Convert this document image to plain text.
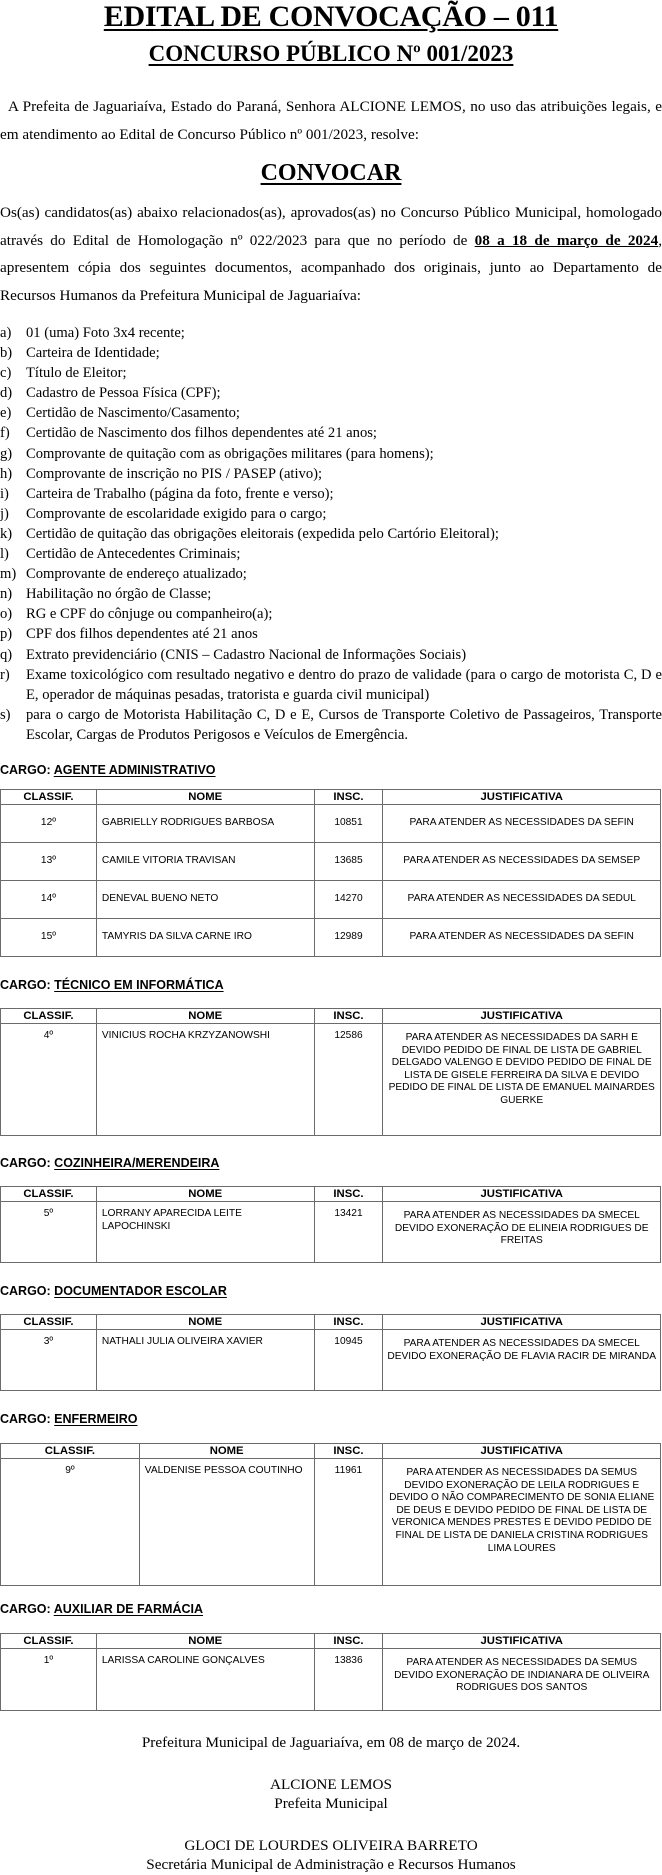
EDITAL DE CONVOCAÇÃO – 011
CONCURSO PÚBLICO Nº 001/2023
A Prefeita de Jaguariaíva, Estado do Paraná, Senhora ALCIONE LEMOS, no uso das atribuições legais, e em atendimento ao Edital de Concurso Público nº 001/2023, resolve:
CONVOCAR
Os(as) candidatos(as) abaixo relacionados(as), aprovados(as) no Concurso Público Municipal, homologado através do Edital de Homologação nº 022/2023 para que no período de 08 a 18 de março de 2024, apresentem cópia dos seguintes documentos, acompanhado dos originais, junto ao Departamento de Recursos Humanos da Prefeitura Municipal de Jaguariaíva:
a) 01 (uma) Foto 3x4 recente;
b) Carteira de Identidade;
c) Título de Eleitor;
d) Cadastro de Pessoa Física (CPF);
e) Certidão de Nascimento/Casamento;
f) Certidão de Nascimento dos filhos dependentes até 21 anos;
g) Comprovante de quitação com as obrigações militares (para homens);
h) Comprovante de inscrição no PIS / PASEP (ativo);
i) Carteira de Trabalho (página da foto, frente e verso);
j) Comprovante de escolaridade exigido para o cargo;
k) Certidão de quitação das obrigações eleitorais (expedida pelo Cartório Eleitoral);
l) Certidão de Antecedentes Criminais;
m) Comprovante de endereço atualizado;
n) Habilitação no órgão de Classe;
o) RG e CPF do cônjuge ou companheiro(a);
p) CPF dos filhos dependentes até 21 anos
q) Extrato previdenciário (CNIS – Cadastro Nacional de Informações Sociais)
r) Exame toxicológico com resultado negativo e dentro do prazo de validade (para o cargo de motorista C, D e E, operador de máquinas pesadas, tratorista e guarda civil municipal)
s) para o cargo de Motorista Habilitação C, D e E, Cursos de Transporte Coletivo de Passageiros, Transporte Escolar, Cargas de Produtos Perigosos e Veículos de Emergência.
CARGO: AGENTE ADMINISTRATIVO
CLASSIF.	NOME	INSC.	JUSTIFICATIVA
12º	GABRIELLY RODRIGUES BARBOSA	10851	PARA ATENDER AS NECESSIDADES DA SEFIN
13º	CAMILE VITORIA TRAVISAN	13685	PARA ATENDER AS NECESSIDADES DA SEMSEP
14º	DENEVAL BUENO NETO	14270	PARA ATENDER AS NECESSIDADES DA SEDUL
15º	TAMYRIS DA SILVA CARNE IRO	12989	PARA ATENDER AS NECESSIDADES DA SEFIN
CARGO: TÉCNICO EM INFORMÁTICA
CLASSIF.	NOME	INSC.	JUSTIFICATIVA
4º	VINICIUS ROCHA KRZYZANOWSHI	12586	PARA ATENDER AS NECESSIDADES DA SARH E DEVIDO PEDIDO DE FINAL DE LISTA DE GABRIEL DELGADO VALENGO E DEVIDO PEDIDO DE FINAL DE LISTA DE GISELE FERREIRA DA SILVA E DEVIDO PEDIDO DE FINAL DE LISTA DE EMANUEL MAINARDES GUERKE
CARGO: COZINHEIRA/MERENDEIRA
CLASSIF.	NOME	INSC.	JUSTIFICATIVA
5º	LORRANY APARECIDA LEITE LAPOCHINSKI	13421	PARA ATENDER AS NECESSIDADES DA SMECEL DEVIDO EXONERAÇÃO DE ELINEIA RODRIGUES DE FREITAS
CARGO: DOCUMENTADOR ESCOLAR
CLASSIF.	NOME	INSC.	JUSTIFICATIVA
3º	NATHALI JULIA OLIVEIRA XAVIER	10945	PARA ATENDER AS NECESSIDADES DA SMECEL DEVIDO EXONERAÇÃO DE FLAVIA RACIR DE MIRANDA
CARGO: ENFERMEIRO
CLASSIF.	NOME	INSC.	JUSTIFICATIVA
9º	VALDENISE PESSOA COUTINHO	11961	PARA ATENDER AS NECESSIDADES DA SEMUS DEVIDO EXONERAÇÃO DE LEILA RODRIGUES E DEVIDO O NÃO COMPARECIMENTO DE SONIA ELIANE DE DEUS E DEVIDO PEDIDO DE FINAL DE LISTA DE VERONICA MENDES PRESTES E DEVIDO PEDIDO DE FINAL DE LISTA DE DANIELA CRISTINA RODRIGUES LIMA LOURES
CARGO: AUXILIAR DE FARMÁCIA
CLASSIF.	NOME	INSC.	JUSTIFICATIVA
1º	LARISSA CAROLINE GONÇALVES	13836	PARA ATENDER AS NECESSIDADES DA SEMUS DEVIDO EXONERAÇÃO DE INDIANARA DE OLIVEIRA RODRIGUES DOS SANTOS
Prefeitura Municipal de Jaguariaíva, em 08 de março de 2024.
ALCIONE LEMOS
Prefeita Municipal
GLOCI DE LOURDES OLIVEIRA BARRETO
Secretária Municipal de Administração e Recursos Humanos
